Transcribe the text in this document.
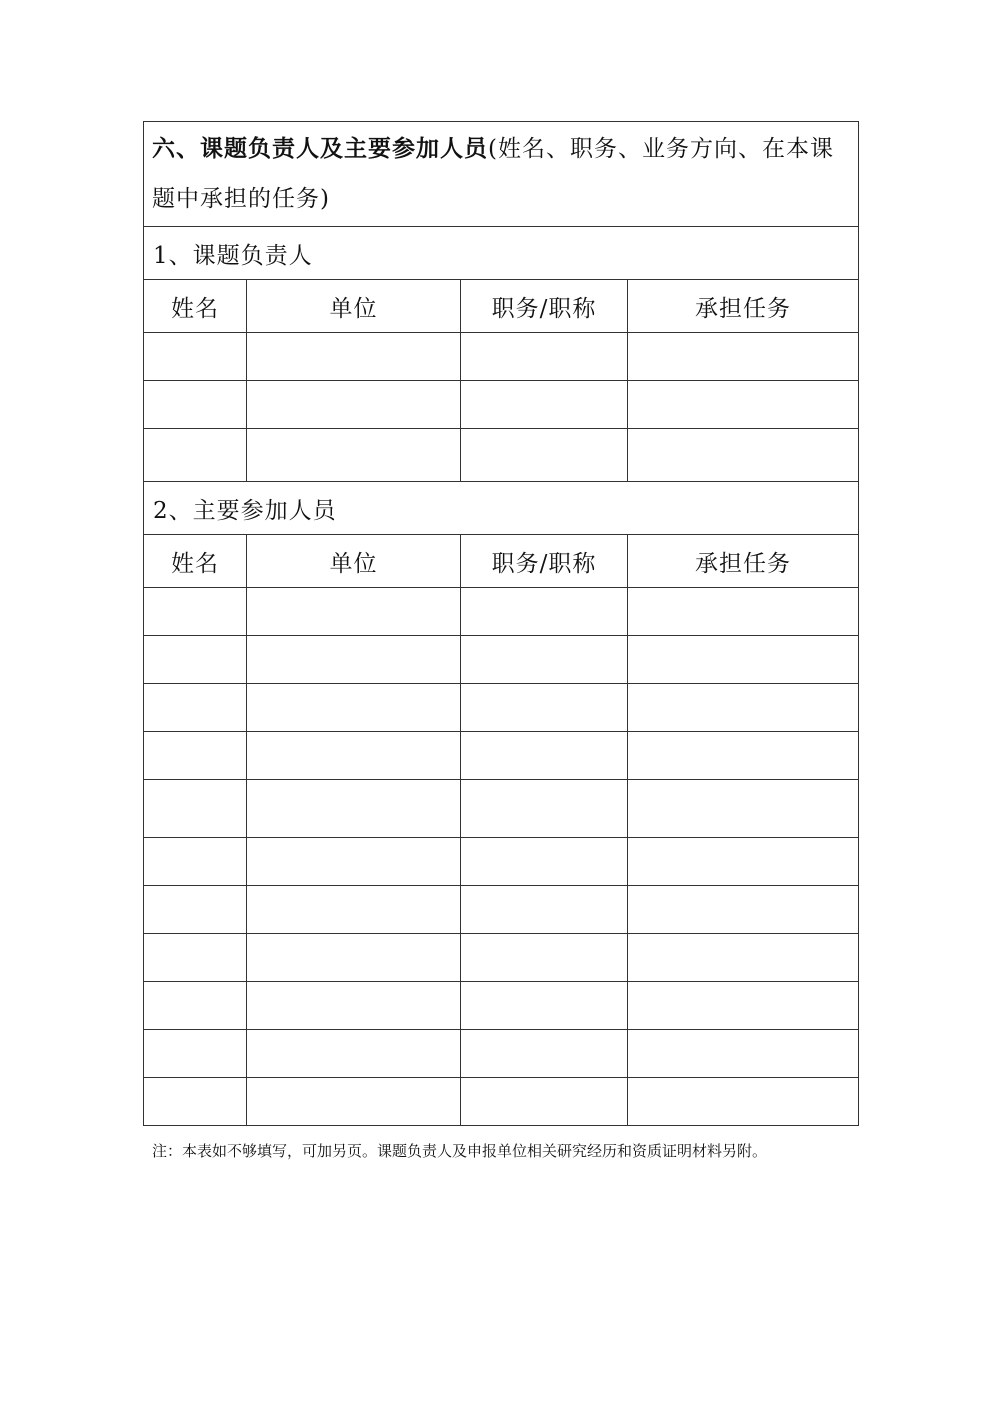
六、课题负责人及主要参加人员(姓名、职务、业务方向、在本课题中承担的任务)			
1、课题负责人			
姓名	单位	职务/职称	承担任务

2、主要参加人员			
姓名	单位	职务/职称	承担任务

注：本表如不够填写，可加另页。课题负责人及申报单位相关研究经历和资质证明材料另附。
